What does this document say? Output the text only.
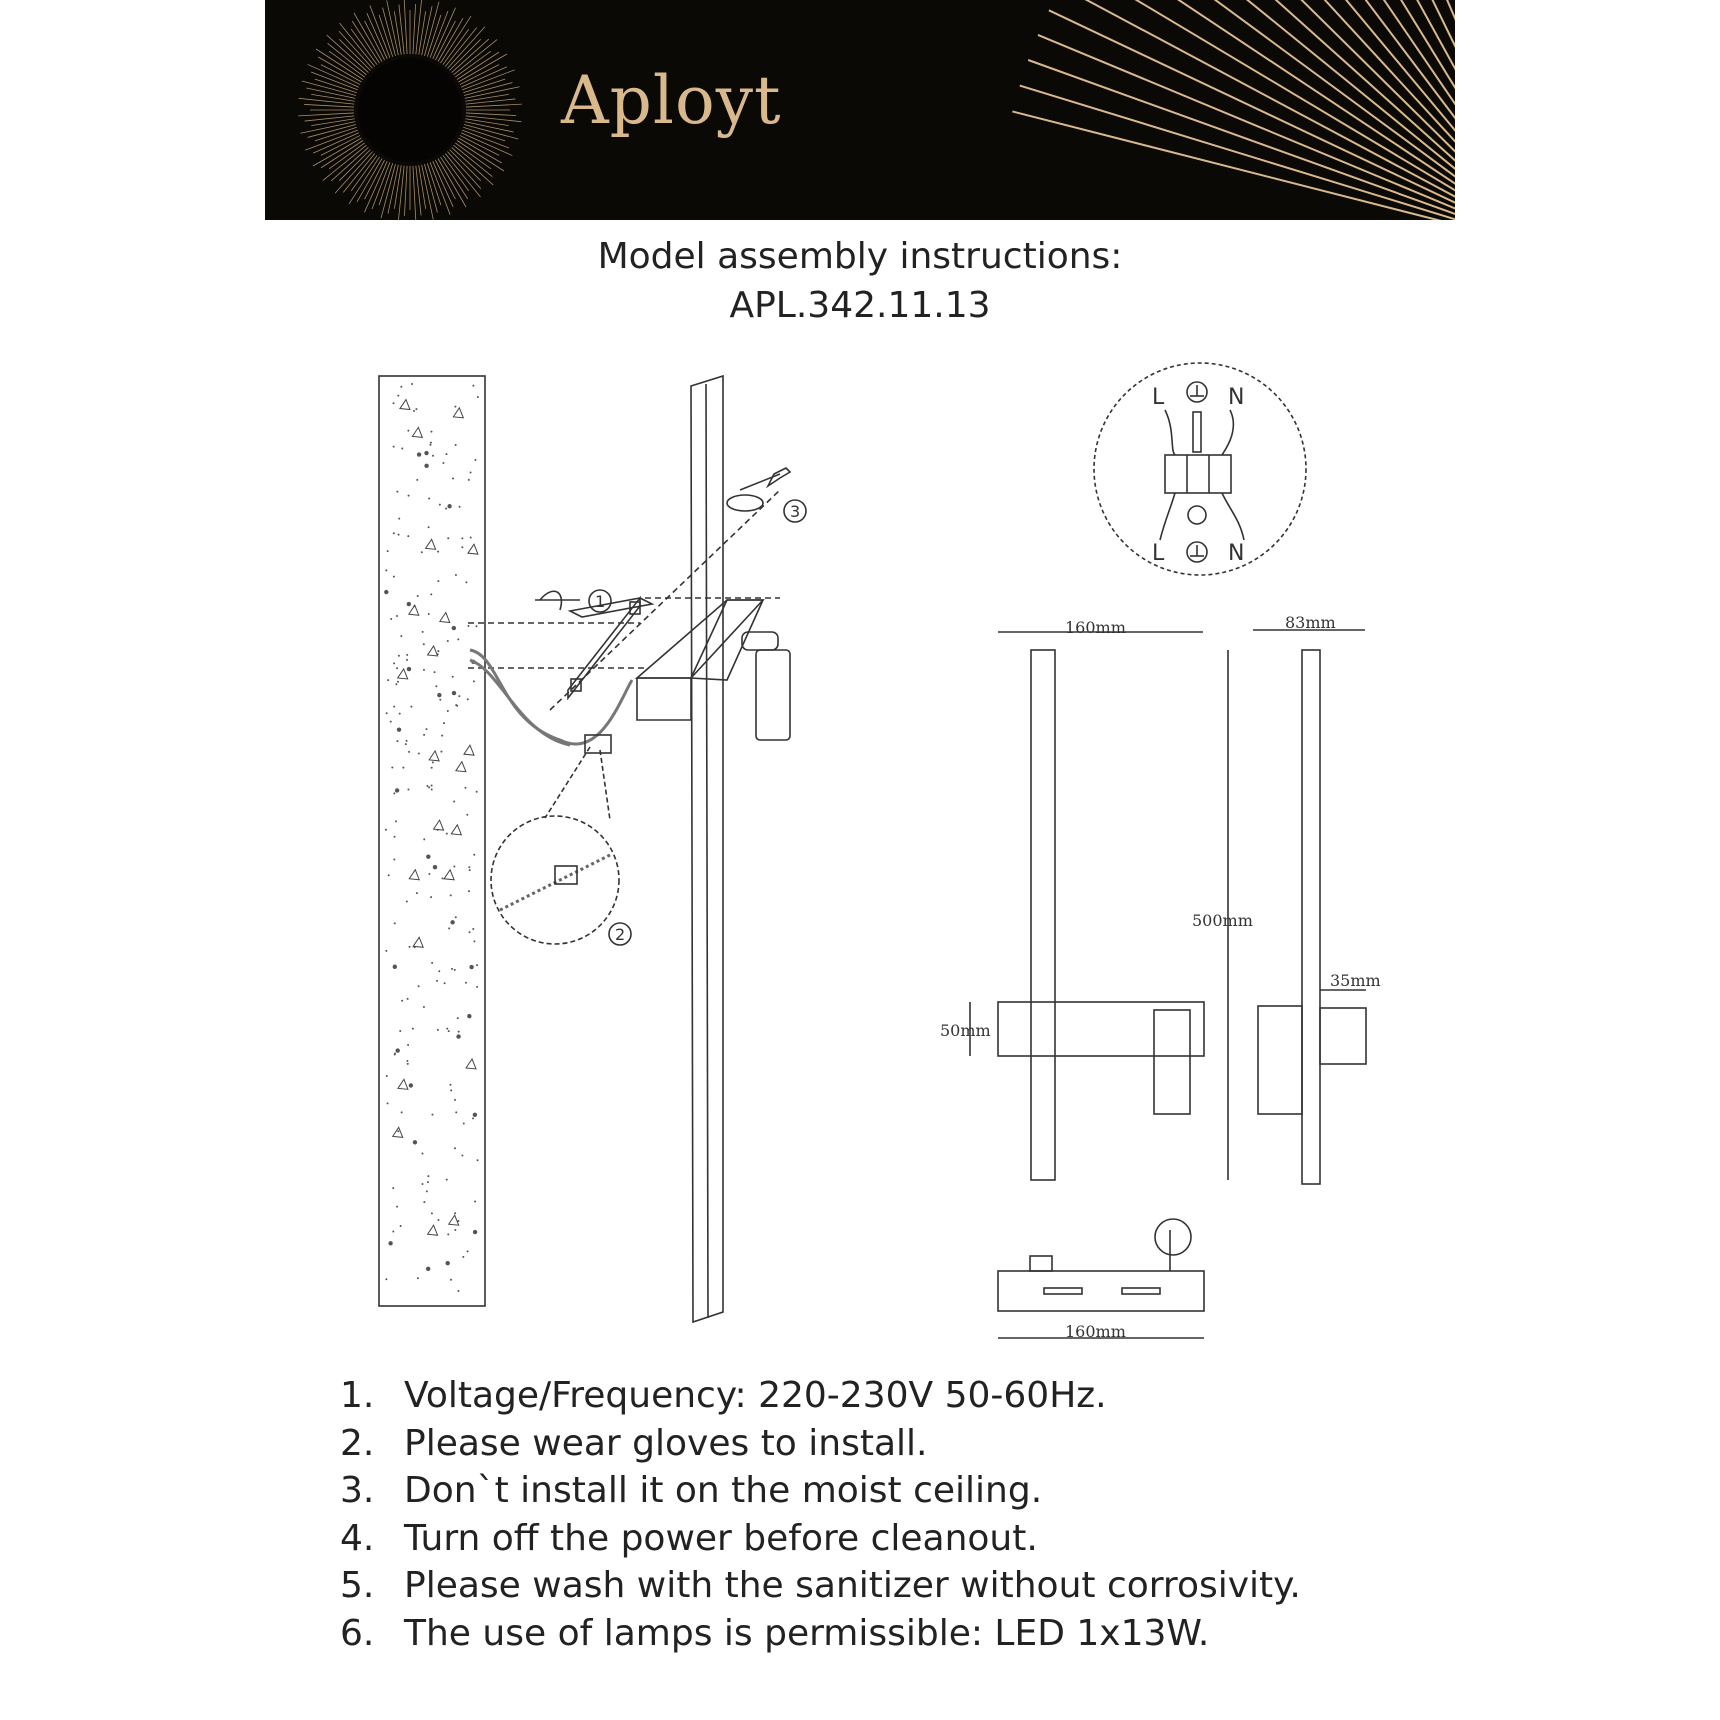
Aployt
Model assembly instructions:
APL.342.11.13
1
2
3
L	N
L	N
160mm
50mm
500mm
83mm
35mm
160mm
1. Voltage/Frequency: 220-230V 50-60Hz.
2. Please wear gloves to install.
3. Don`t install it on the moist ceiling.
4. Turn off the power before cleanout.
5. Please wash with the sanitizer without corrosivity.
6. The use of lamps is permissible: LED 1x13W.
